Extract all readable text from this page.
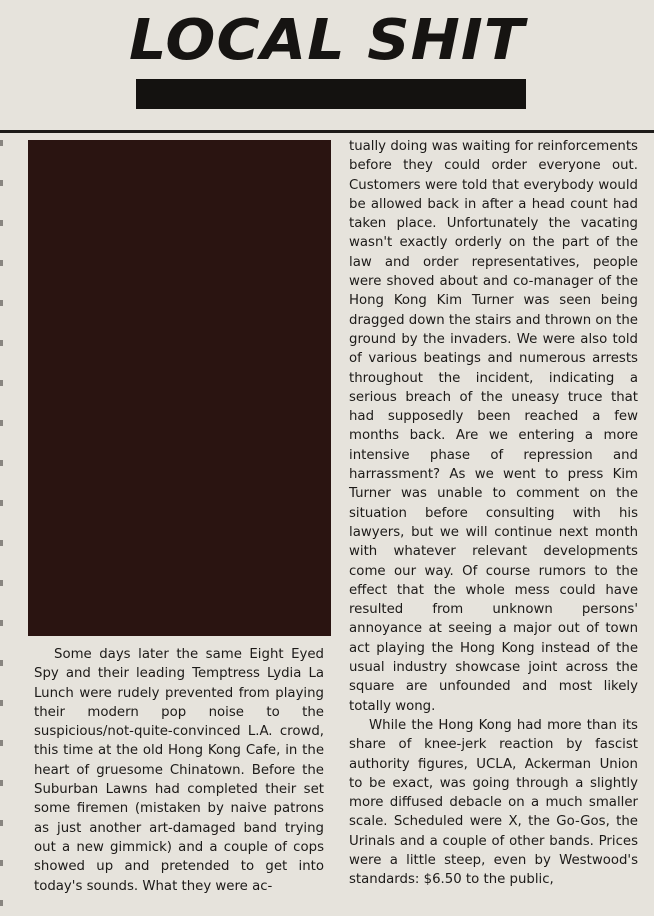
LOCAL SHIT

Some days later the same Eight Eyed Spy and their leading Temptress Lydia La Lunch were rudely prevented from playing their modern pop noise to the suspicious/not-quite-convinced L.A. crowd, this time at the old Hong Kong Cafe, in the heart of gruesome Chinatown. Before the Suburban Lawns had completed their set some firemen (mistaken by naive patrons as just another art-damaged band trying out a new gimmick) and a couple of cops showed up and pretended to get into today's sounds. What they were ac-

tually doing was waiting for reinforcements before they could order everyone out. Customers were told that everybody would be allowed back in after a head count had taken place. Unfortunately the vacating wasn't exactly orderly on the part of the law and order representatives, people were shoved about and co-manager of the Hong Kong Kim Turner was seen being dragged down the stairs and thrown on the ground by the invaders. We were also told of various beatings and numerous arrests throughout the incident, indicating a serious breach of the uneasy truce that had supposedly been reached a few months back. Are we entering a more intensive phase of repression and harrassment? As we went to press Kim Turner was unable to comment on the situation before consulting with his lawyers, but we will continue next month with whatever relevant developments come our way. Of course rumors to the effect that the whole mess could have resulted from unknown persons' annoyance at seeing a major out of town act playing the Hong Kong instead of the usual industry showcase joint across the square are unfounded and most likely totally wong.

While the Hong Kong had more than its share of knee-jerk reaction by fascist authority figures, UCLA, Ackerman Union to be exact, was going through a slightly more diffused debacle on a much smaller scale. Scheduled were X, the Go-Gos, the Urinals and a couple of other bands. Prices were a little steep, even by Westwood's standards: $6.50 to the public,
